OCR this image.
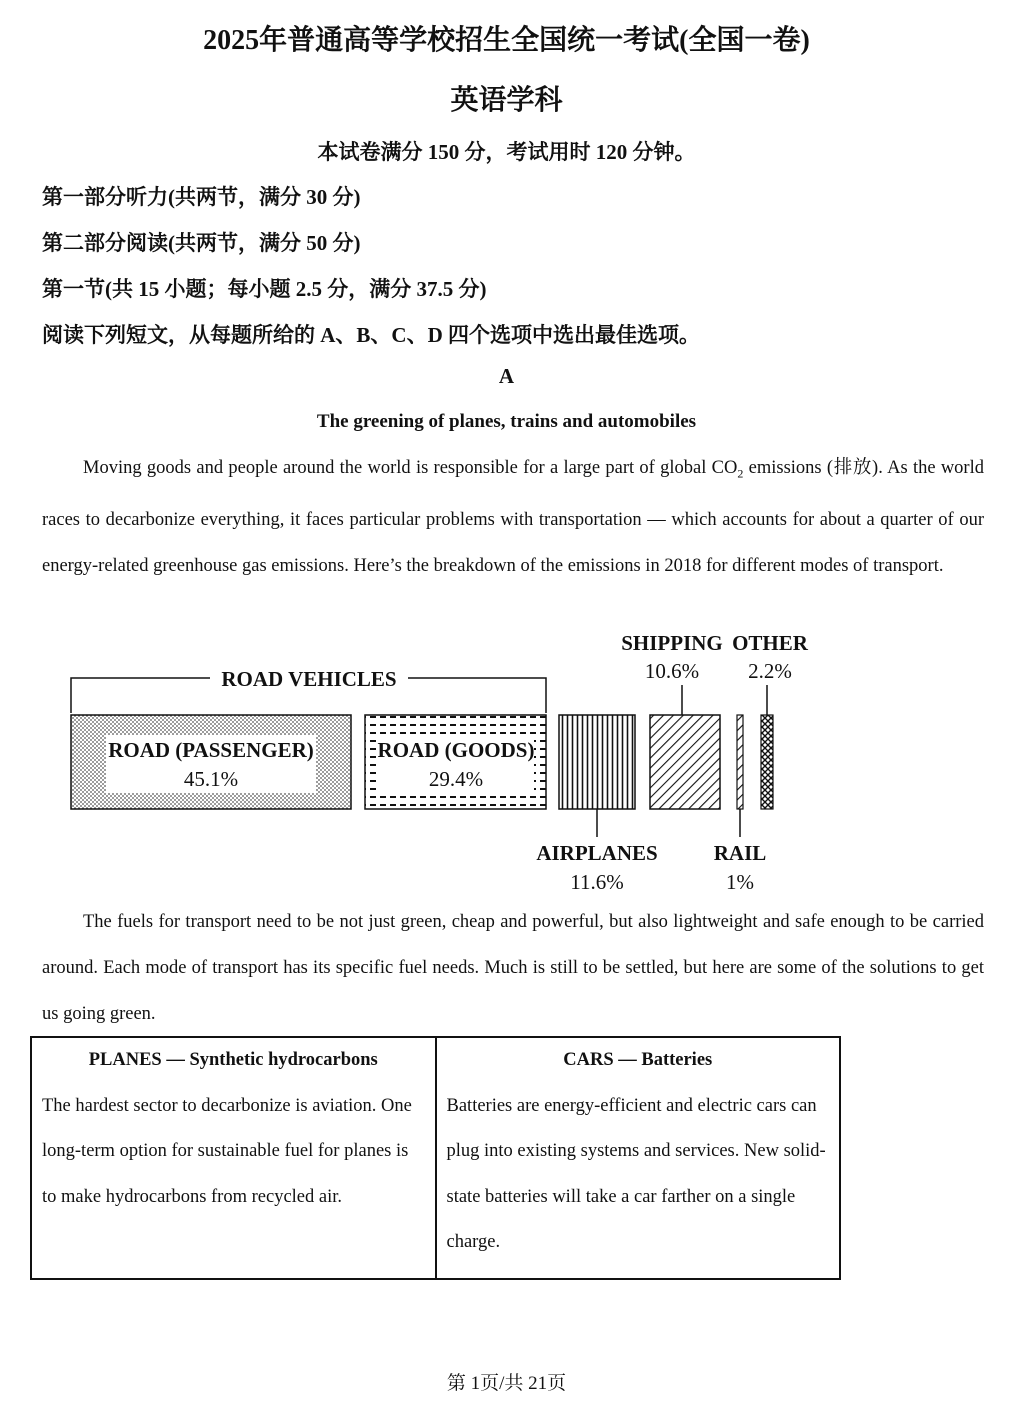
2025年普通高等学校招生全国统一考试(全国一卷)
英语学科
本试卷满分 150 分，考试用时 120 分钟。
第一部分听力(共两节，满分 30 分)
第二部分阅读(共两节，满分 50 分)
第一节(共 15 小题；每小题 2.5 分，满分 37.5 分)
阅读下列短文，从每题所给的 A、B、C、D 四个选项中选出最佳选项。
A
The greening of planes, trains and automobiles

Moving goods and people around the world is responsible for a large part of global $CO_2$ emissions (排放). As the world races to decarbonize everything, it faces particular problems with transportation — which accounts for about a quarter of our energy-related greenhouse gas emissions. Here’s the breakdown of the emissions in 2018 for different modes of transport.

ROAD VEHICLES
ROAD (PASSENGER)
45.1%
ROAD (GOODS)
29.4%
AIRPLANES
11.6%
SHIPPING
10.6%
RAIL
1%
OTHER
2.2%

The fuels for transport need to be not just green, cheap and powerful, but also lightweight and safe enough to be carried around. Each mode of transport has its specific fuel needs. Much is still to be settled, but here are some of the solutions to get us going green.

PLANES — Synthetic hydrocarbons
The hardest sector to decarbonize is aviation. One long-term option for sustainable fuel for planes is to make hydrocarbons from recycled air.

CARS — Batteries
Batteries are energy-efficient and electric cars can plug into existing systems and services. New solid-state batteries will take a car farther on a single charge.
第 1页/共 21页
